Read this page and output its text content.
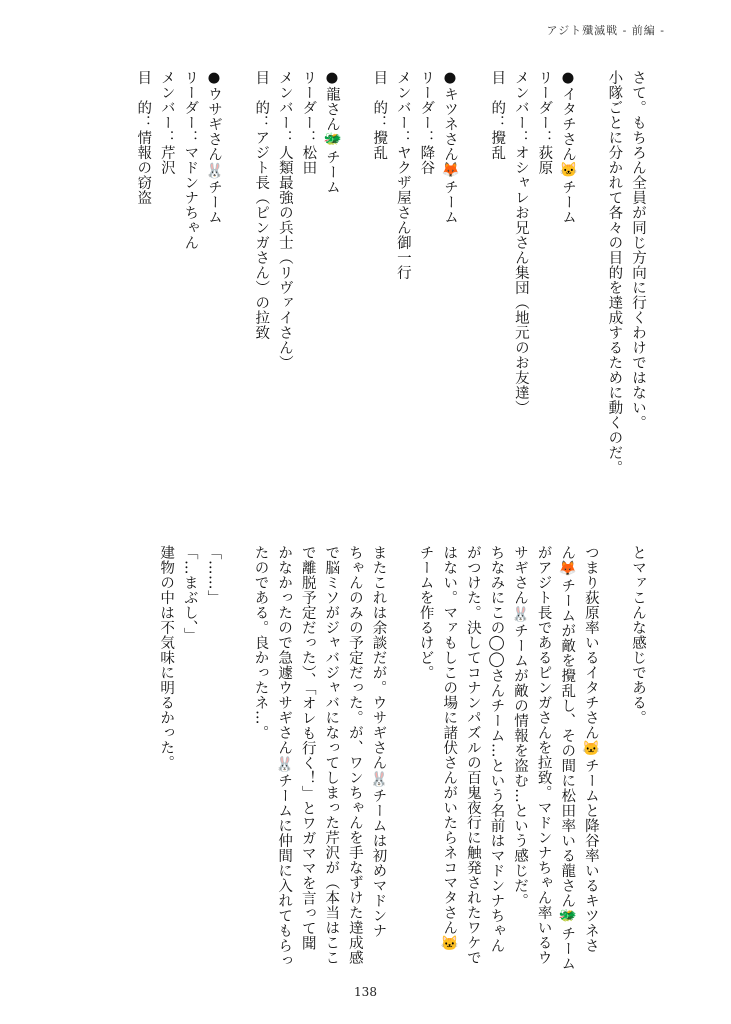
アジト殲滅戦 - 前編 -
さて。もちろん全員が同じ方向に行くわけではない。
小隊ごとに分かれて各々の目的を達成するために動くのだ。
●イタチさん🐱チーム
リーダー：荻原
メンバー：オシャレお兄さん集団（地元のお友達）
目　的：攪乱
●キツネさん🦊チーム
リーダー：降谷
メンバー：ヤクザ屋さん御一行
目　的：攪乱
●龍さん🐲チーム
リーダー：松田
メンバー：人類最強の兵士（リヴァイさん）
目　的：アジト長（ピンガさん）の拉致
●ウサギさん🐰チーム
リーダー：マドンナちゃん
メンバー：芹沢
目　的：情報の窃盗
とマァこんな感じである。
つまり荻原率いるイタチさん🐱チームと降谷率いるキツネさ
ん🦊チームが敵を攪乱し、その間に松田率いる龍さん🐲チーム
がアジト長であるピンガさんを拉致。マドンナちゃん率いるウ
サギさん🐰チームが敵の情報を盗む…という感じだ。
ちなみにこの◯◯さんチーム…という名前はマドンナちゃん
がつけた。決してコナンパズルの百鬼夜行に触発されたワケで
はない。マァもしこの場に諸伏さんがいたらネコマタさん🐱
チームを作るけど。
またこれは余談だが。ウサギさん🐰チームは初めマドンナ
ちゃんのみの予定だった。が、ワンちゃんを手なずけた達成感
で脳ミソがジャバジャバになってしまった芹沢が（本当はここ
で離脱予定だった）、「オレも行く！」とワガママを言って聞
かなかったので急遽ウサギさん🐰チームに仲間に入れてもらっ
たのである。良かったネ…。
「……」
「…まぶし、」
建物の中は不気味に明るかった。
138
